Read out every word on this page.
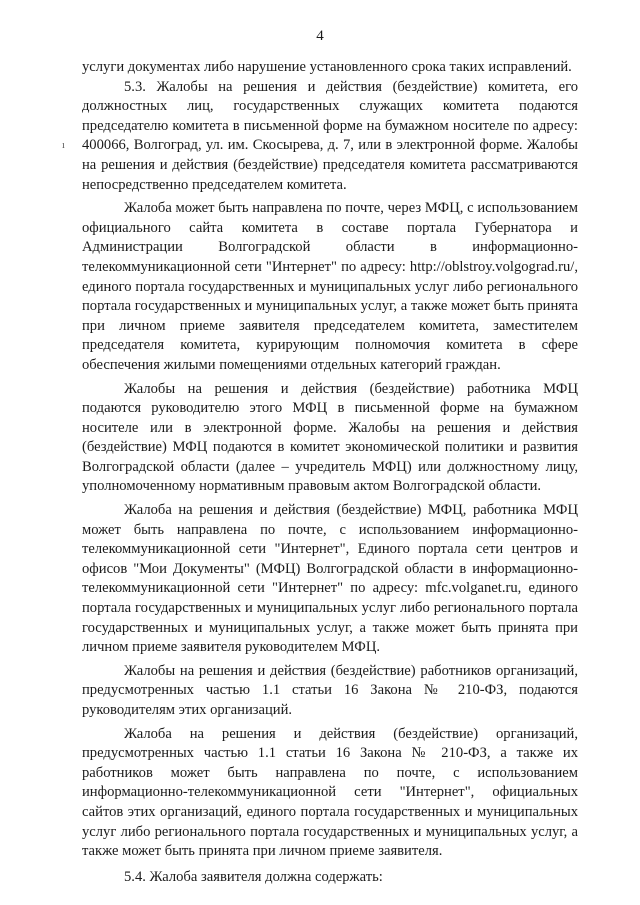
4
ı

услуги документах либо нарушение установленного срока таких исправлений.

5.3. Жалобы на решения и действия (бездействие) комитета, его должностных лиц, государственных служащих комитета подаются председателю комитета в письменной форме на бумажном носителе по адресу: 400066, Волгоград, ул. им. Скосырева, д. 7, или в электронной форме. Жалобы на решения и действия (бездействие) председателя комитета рассматриваются непосредственно председателем комитета.

Жалоба может быть направлена по почте, через МФЦ, с использованием официального сайта комитета в составе портала Губернатора и Администрации Волгоградской области в информационно-телекоммуникационной сети "Интернет" по адресу: http://oblstroy.volgograd.ru/, единого портала государственных и муниципальных услуг либо регионального портала государственных и муниципальных услуг, а также может быть принята при личном приеме заявителя председателем комитета, заместителем председателя комитета, курирующим полномочия комитета в сфере обеспечения жилыми помещениями отдельных категорий граждан.

Жалобы на решения и действия (бездействие) работника МФЦ подаются руководителю этого МФЦ в письменной форме на бумажном носителе или в электронной форме. Жалобы на решения и действия (бездействие) МФЦ подаются в комитет экономической политики и развития Волгоградской области (далее – учредитель МФЦ) или должностному лицу, уполномоченному нормативным правовым актом Волгоградской области.

Жалоба на решения и действия (бездействие) МФЦ, работника МФЦ может быть направлена по почте, с использованием информационно-телекоммуникационной сети "Интернет", Единого портала сети центров и офисов "Мои Документы" (МФЦ) Волгоградской области в информационно-телекоммуникационной сети "Интернет" по адресу: mfc.volganet.ru, единого портала государственных и муниципальных услуг либо регионального портала государственных и муниципальных услуг, а также может быть принята при личном приеме заявителя руководителем МФЦ.

Жалобы на решения и действия (бездействие) работников организаций, предусмотренных частью 1.1 статьи 16 Закона № 210-ФЗ, подаются руководителям этих организаций.

Жалоба на решения и действия (бездействие) организаций, предусмотренных частью 1.1 статьи 16 Закона № 210-ФЗ, а также их работников может быть направлена по почте, с использованием информационно-телекоммуникационной сети "Интернет", официальных сайтов этих организаций, единого портала государственных и муниципальных услуг либо регионального портала государственных и муниципальных услуг, а также может быть принята при личном приеме заявителя.

5.4. Жалоба заявителя должна содержать:
